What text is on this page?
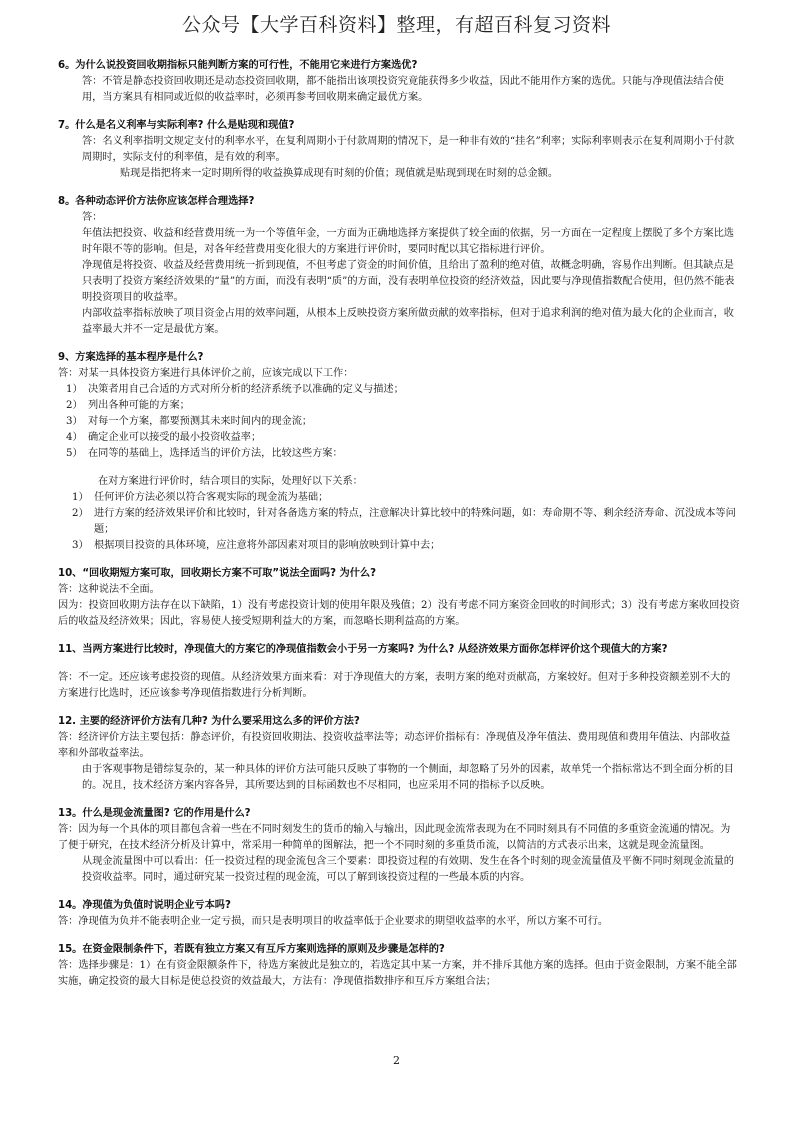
公众号【大学百科资料】整理，有超百科复习资料

6。为什么说投资回收期指标只能判断方案的可行性，不能用它来进行方案选优?

答：不管是静态投资回收期还是动态投资回收期，都不能指出该项投资究竟能获得多少收益，因此不能用作方案的选优。只能与净现值法结合使用，当方案具有相同或近似的收益率时，必须再参考回收期来确定最优方案。

7。什么是名义利率与实际利率? 什么是贴现和现值?

答：名义利率指明文规定支付的利率水平，在复利周期小于付款周期的情况下，是一种非有效的“挂名”利率；实际利率则表示在复利周期小于付款周期时，实际支付的利率值，是有效的利率。

贴现是指把将来一定时期所得的收益换算成现有时刻的价值；现值就是贴现到现在时刻的总金额。

8。各种动态评价方法你应该怎样合理选择?

答：

年值法把投资、收益和经营费用统一为一个等值年金，一方面为正确地选择方案提供了较全面的依据，另一方面在一定程度上摆脱了多个方案比选时年限不等的影响。但是，对各年经营费用变化很大的方案进行评价时，要同时配以其它指标进行评价。

净现值是将投资、收益及经营费用统一折到现值，不但考虑了资金的时间价值，且给出了盈利的绝对值，故概念明确，容易作出判断。但其缺点是只表明了投资方案经济效果的“量”的方面，而没有表明“质”的方面，没有表明单位投资的经济效益，因此要与净现值指数配合使用，但仍然不能表明投资项目的收益率。

内部收益率指标放映了项目资金占用的效率问题，从根本上反映投资方案所做贡献的效率指标，但对于追求利润的绝对值为最大化的企业而言，收益率最大并不一定是最优方案。

9、方案选择的基本程序是什么?

答：对某一具体投资方案进行具体评价之前，应该完成以下工作：

1） 决策者用自己合适的方式对所分析的经济系统予以准确的定义与描述；
2） 列出各种可能的方案；
3） 对每一个方案，都要预测其未来时间内的现金流；
4） 确定企业可以接受的最小投资收益率；
5） 在同等的基础上，选择适当的评价方法，比较这些方案：

在对方案进行评价时，结合项目的实际，处理好以下关系：

1） 任何评价方法必须以符合客观实际的现金流为基础；
2） 进行方案的经济效果评价和比较时，针对各备选方案的特点，注意解决计算比较中的特殊问题，如：寿命期不等、剩余经济寿命、沉没成本等问题；
3） 根据项目投资的具体环境，应注意将外部因素对项目的影响放映到计算中去；

10、“回收期短方案可取，回收期长方案不可取”说法全面吗? 为什么?

答：这种说法不全面。

因为：投资回收期方法存在以下缺陷，1）没有考虑投资计划的使用年限及残值；2）没有考虑不同方案资金回收的时间形式；3）没有考虑方案收回投资后的收益及经济效果；因此，容易使人接受短期利益大的方案，而忽略长期利益高的方案。

11、当两方案进行比较时，净现值大的方案它的净现值指数会小于另一方案吗? 为什么? 从经济效果方面你怎样评价这个现值大的方案?

答：不一定。还应该考虑投资的现值。从经济效果方面来看：对于净现值大的方案，表明方案的绝对贡献高，方案较好。但对于多种投资额差别不大的方案进行比选时，还应该参考净现值指数进行分析判断。

12. 主要的经济评价方法有几种? 为什么要采用这么多的评价方法?

答：经济评价方法主要包括：静态评价，有投资回收期法、投资收益率法等；动态评价指标有：净现值及净年值法、费用现值和费用年值法、内部收益率和外部收益率法。

由于客观事物是错综复杂的，某一种具体的评价方法可能只反映了事物的一个侧面，却忽略了另外的因素，故单凭一个指标常达不到全面分析的目的。况且，技术经济方案内容各异，其所要达到的目标函数也不尽相同，也应采用不同的指标予以反映。

13。什么是现金流量图? 它的作用是什么?

答：因为每一个具体的项目都包含着一些在不同时刻发生的货币的输入与输出，因此现金流常表现为在不同时刻具有不同值的多重资金流通的情况。为了便于研究，在技术经济分析及计算中，常采用一种简单的图解法，把一个不同时刻的多重货币流，以简洁的方式表示出来，这就是现金流量图。

从现金流量图中可以看出：任一投资过程的现金流包含三个要素：即投资过程的有效期、发生在各个时刻的现金流量值及平衡不同时刻现金流量的投资收益率。同时，通过研究某一投资过程的现金流，可以了解到该投资过程的一些最本质的内容。

14。净现值为负值时说明企业亏本吗?

答：净现值为负并不能表明企业一定亏损，而只是表明项目的收益率低于企业要求的期望收益率的水平，所以方案不可行。

15。在资金限制条件下，若既有独立方案又有互斥方案则选择的原则及步骤是怎样的?

答：选择步骤是：1）在有资金限额条件下，待选方案彼此是独立的，若选定其中某一方案，并不排斥其他方案的选择。但由于资金限制，方案不能全部实施，确定投资的最大目标是使总投资的效益最大，方法有：净现值指数排序和互斥方案组合法；

2
